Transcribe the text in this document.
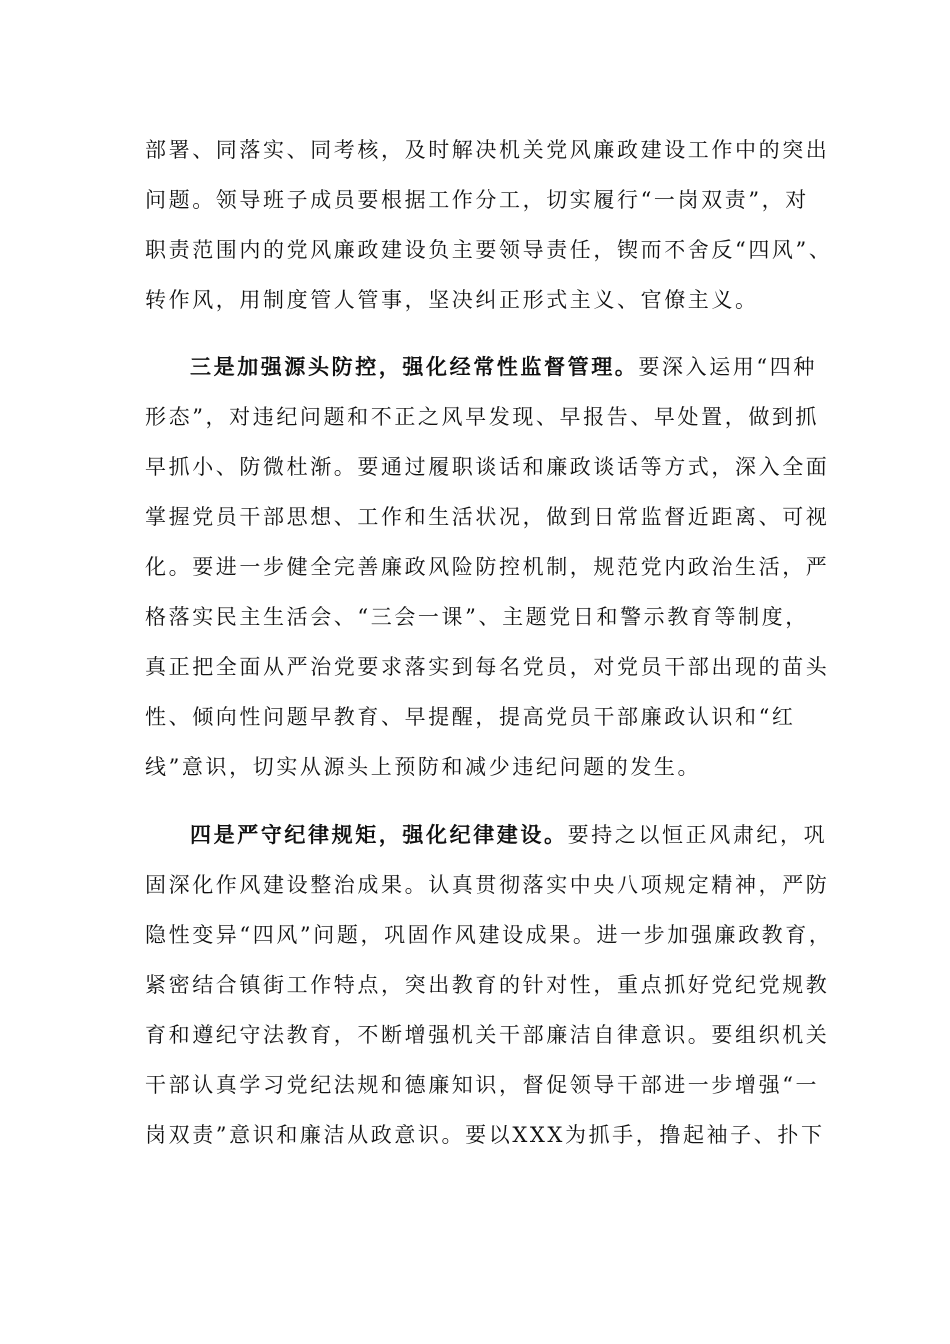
部署、同落实、同考核，及时解决机关党风廉政建设工作中的突出
问题。领导班子成员要根据工作分工，切实履行“一岗双责”，对
职责范围内的党风廉政建设负主要领导责任，锲而不舍反“四风”、
转作风，用制度管人管事，坚决纠正形式主义、官僚主义。
三是加强源头防控，强化经常性监督管理。要深入运用“四种
形态”，对违纪问题和不正之风早发现、早报告、早处置，做到抓
早抓小、防微杜渐。要通过履职谈话和廉政谈话等方式，深入全面
掌握党员干部思想、工作和生活状况，做到日常监督近距离、可视
化。要进一步健全完善廉政风险防控机制，规范党内政治生活，严
格落实民主生活会、“三会一课”、主题党日和警示教育等制度，
真正把全面从严治党要求落实到每名党员，对党员干部出现的苗头
性、倾向性问题早教育、早提醒，提高党员干部廉政认识和“红
线”意识，切实从源头上预防和减少违纪问题的发生。
四是严守纪律规矩，强化纪律建设。要持之以恒正风肃纪，巩
固深化作风建设整治成果。认真贯彻落实中央八项规定精神，严防
隐性变异“四风”问题，巩固作风建设成果。进一步加强廉政教育，
紧密结合镇街工作特点，突出教育的针对性，重点抓好党纪党规教
育和遵纪守法教育，不断增强机关干部廉洁自律意识。要组织机关
干部认真学习党纪法规和德廉知识，督促领导干部进一步增强“一
岗双责”意识和廉洁从政意识。要以XXX为抓手，撸起袖子、扑下
